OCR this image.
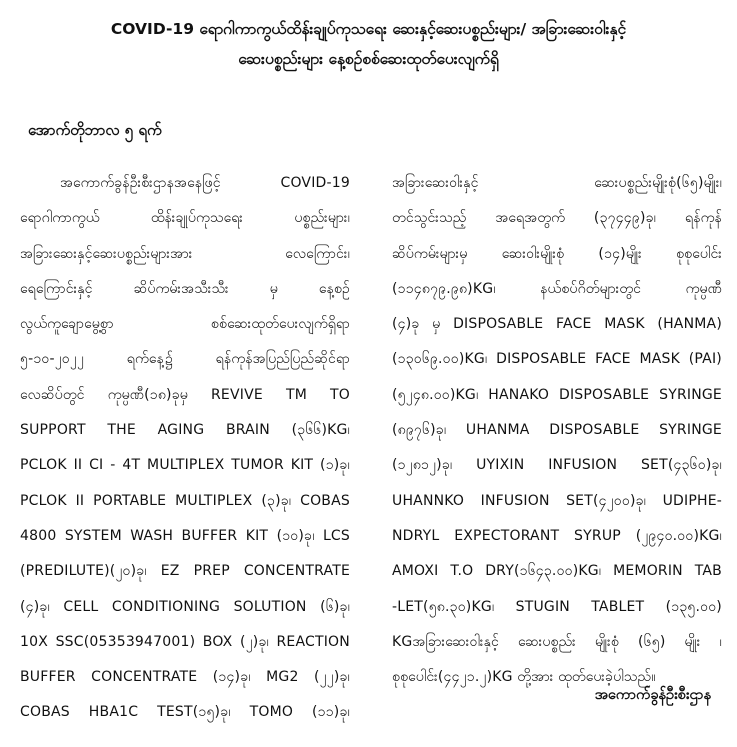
COVID-19 ရောဂါကာကွယ်ထိန်းချုပ်ကုသရေး ဆေးနှင့်ဆေးပစ္စည်းများ/ အခြားဆေးဝါးနှင့်
ဆေးပစ္စည်းများ နေ့စဉ်စစ်ဆေးထုတ်ပေးလျက်ရှိ
အောက်တိုဘာလ ၅ ရက်
အကောက်ခွန်ဦးစီးဌာနအနေဖြင့်	COVID-19
ရောဂါကာကွယ်	ထိန်းချုပ်ကုသရေး	ပစ္စည်းများ၊
အခြားဆေးနှင့်ဆေးပစ္စည်းများအား	လေကြောင်း၊
ရေကြောင်းနှင့်	ဆိပ်ကမ်းအသီးသီး	မှ	နေ့စဉ်
လွယ်ကူချောမွေ့စွာ	စစ်ဆေးထုတ်ပေးလျက်ရှိရာ
၅-၁၀-၂၀၂၂	ရက်နေ့၌	ရန်ကုန်အပြည်ပြည်ဆိုင်ရာ
လေဆိပ်တွင် ကုမ္ပဏီ(၁၈)ခုမှ REVIVE TM TO
SUPPORT THE AGING BRAIN (၃၆၆)KG၊
PCLOK II CI - 4T MULTIPLEX TUMOR KIT (၁)ခု၊
PCLOK II PORTABLE MULTIPLEX (၃)ခု၊ COBAS
4800 SYSTEM WASH BUFFER KIT (၁၀)ခု၊ LCS
(PREDILUTE)(၂၀)ခု၊ EZ PREP CONCENTRATE
(၄)ခု၊ CELL CONDITIONING SOLUTION (၆)ခု၊
10X SSC(05353947001) BOX (၂)ခု၊ REACTION
BUFFER CONCENTRATE (၁၄)ခု၊ MG2 (၂၂)ခု၊
COBAS HBA1C TEST(၁၅)ခု၊ TOMO (၁၁)ခု၊
အခြားဆေးဝါးနှင့်	ဆေးပစ္စည်းမျိုးစုံ(၆၅)မျိုး၊
တင်သွင်းသည့် အရေအတွက် (၃၇၄၄၉)ခု၊ ရန်ကုန်
ဆိပ်ကမ်းများမှ ဆေးဝါးမျိုးစုံ (၁၄)မျိုး စုစုပေါင်း
(၁၁၄၈၇၉.၉၈)KG၊	နယ်စပ်ဂိတ်များတွင်	ကုမ္ပဏီ
(၄)ခု မှ DISPOSABLE FACE MASK (HANMA)
(၁၃၀၆၉.၀၀)KG၊ DISPOSABLE FACE MASK (PAI)
(၅၂၄၈.၀၀)KG၊ HANAKO DISPOSABLE SYRINGE
(၈၉၇၆)ခု၊ UHANMA DISPOSABLE SYRINGE
(၁၂၈၁၂)ခု၊ UYIXIN INFUSION SET(၄၃၆၀)ခု၊
UHANNKO INFUSION SET(၄၂၀၀)ခု၊ UDIPHE-
NDRYL EXPECTORANT SYRUP (၂၉၄၀.၀၀)KG၊
AMOXI T.O DRY(၁၆၄၃.၀၀)KG၊ MEMORIN TAB
-LET(၅၈.၃၀)KG၊ STUGIN TABLET (၁၃၅.၀၀)
KGအခြားဆေးဝါးနှင့် ဆေးပစ္စည်း မျိုးစုံ (၆၅) မျိုး ၊
စုစုပေါင်း(၄၄၂၁.၂)KG တို့အား ထုတ်ပေးခဲ့ပါသည်။
အကောက်ခွန်ဦးစီးဌာန
